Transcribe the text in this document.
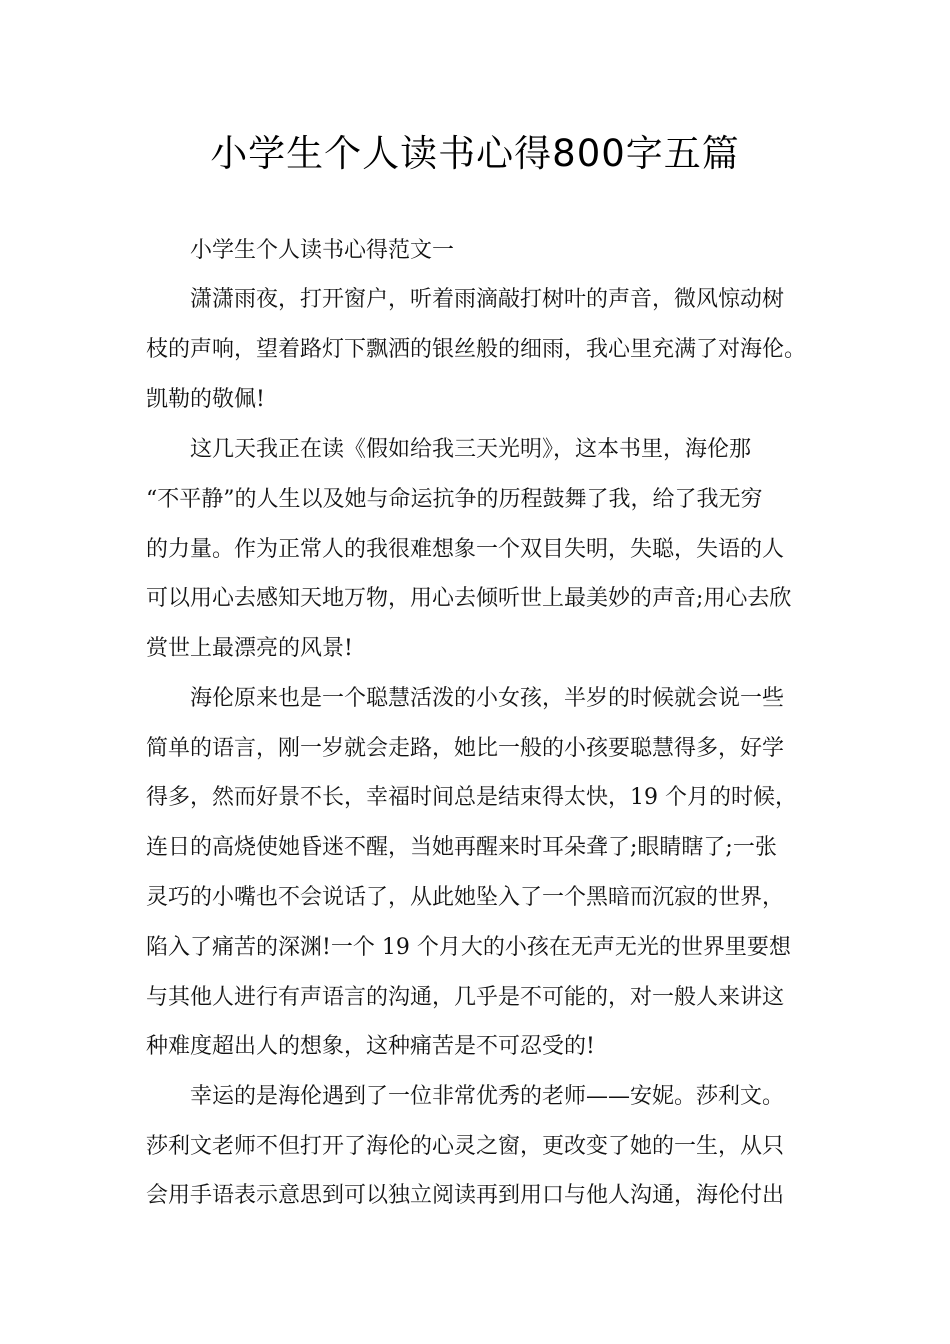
小学生个人读书心得800字五篇
小学生个人读书心得范文一
潇潇雨夜，打开窗户，听着雨滴敲打树叶的声音，微风惊动树
枝的声响，望着路灯下飘洒的银丝般的细雨，我心里充满了对海伦。
凯勒的敬佩!
这几天我正在读《假如给我三天光明》，这本书里，海伦那
“不平静”的人生以及她与命运抗争的历程鼓舞了我，给了我无穷
的力量。作为正常人的我很难想象一个双目失明，失聪，失语的人
可以用心去感知天地万物，用心去倾听世上最美妙的声音;用心去欣
赏世上最漂亮的风景!
海伦原来也是一个聪慧活泼的小女孩，半岁的时候就会说一些
简单的语言，刚一岁就会走路，她比一般的小孩要聪慧得多，好学
得多，然而好景不长，幸福时间总是结束得太快，19 个月的时候，
连日的高烧使她昏迷不醒，当她再醒来时耳朵聋了;眼睛瞎了;一张
灵巧的小嘴也不会说话了，从此她坠入了一个黑暗而沉寂的世界，
陷入了痛苦的深渊!一个 19 个月大的小孩在无声无光的世界里要想
与其他人进行有声语言的沟通，几乎是不可能的，对一般人来讲这
种难度超出人的想象，这种痛苦是不可忍受的!
幸运的是海伦遇到了一位非常优秀的老师——安妮。莎利文。
莎利文老师不但打开了海伦的心灵之窗，更改变了她的一生，从只
会用手语表示意思到可以独立阅读再到用口与他人沟通，海伦付出
